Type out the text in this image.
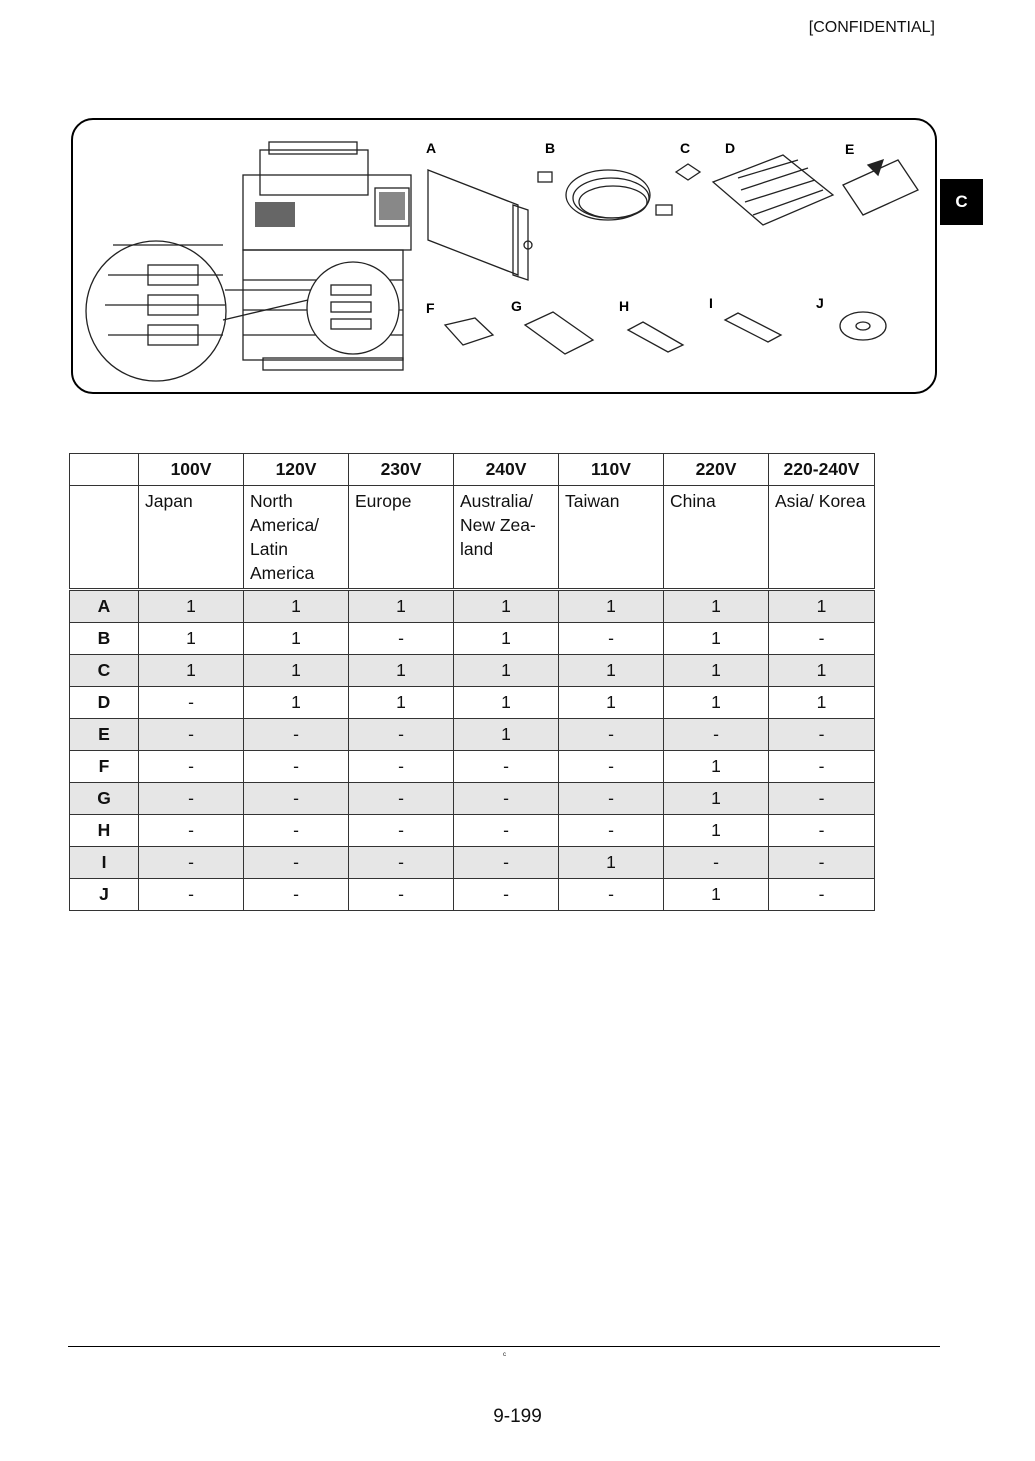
[CONFIDENTIAL]
C
A	B	C D	E
F	G	H	I	J
	100V	120V	230V	240V	110V	220V	220-240V
	Japan	North America/ Latin America	Europe	Australia/ New Zea-land	Taiwan	China	Asia/ Korea
A	1	1	1	1	1	1	1
B	1	1	-	1	-	1	-
C	1	1	1	1	1	1	1
D	-	1	1	1	1	1	1
E	-	-	-	1	-	-	-
F	-	-	-	-	-	1	-
G	-	-	-	-	-	1	-
H	-	-	-	-	-	1	-
I	-	-	-	-	1	-	-
J	-	-	-	-	-	1	-
c
9-199
